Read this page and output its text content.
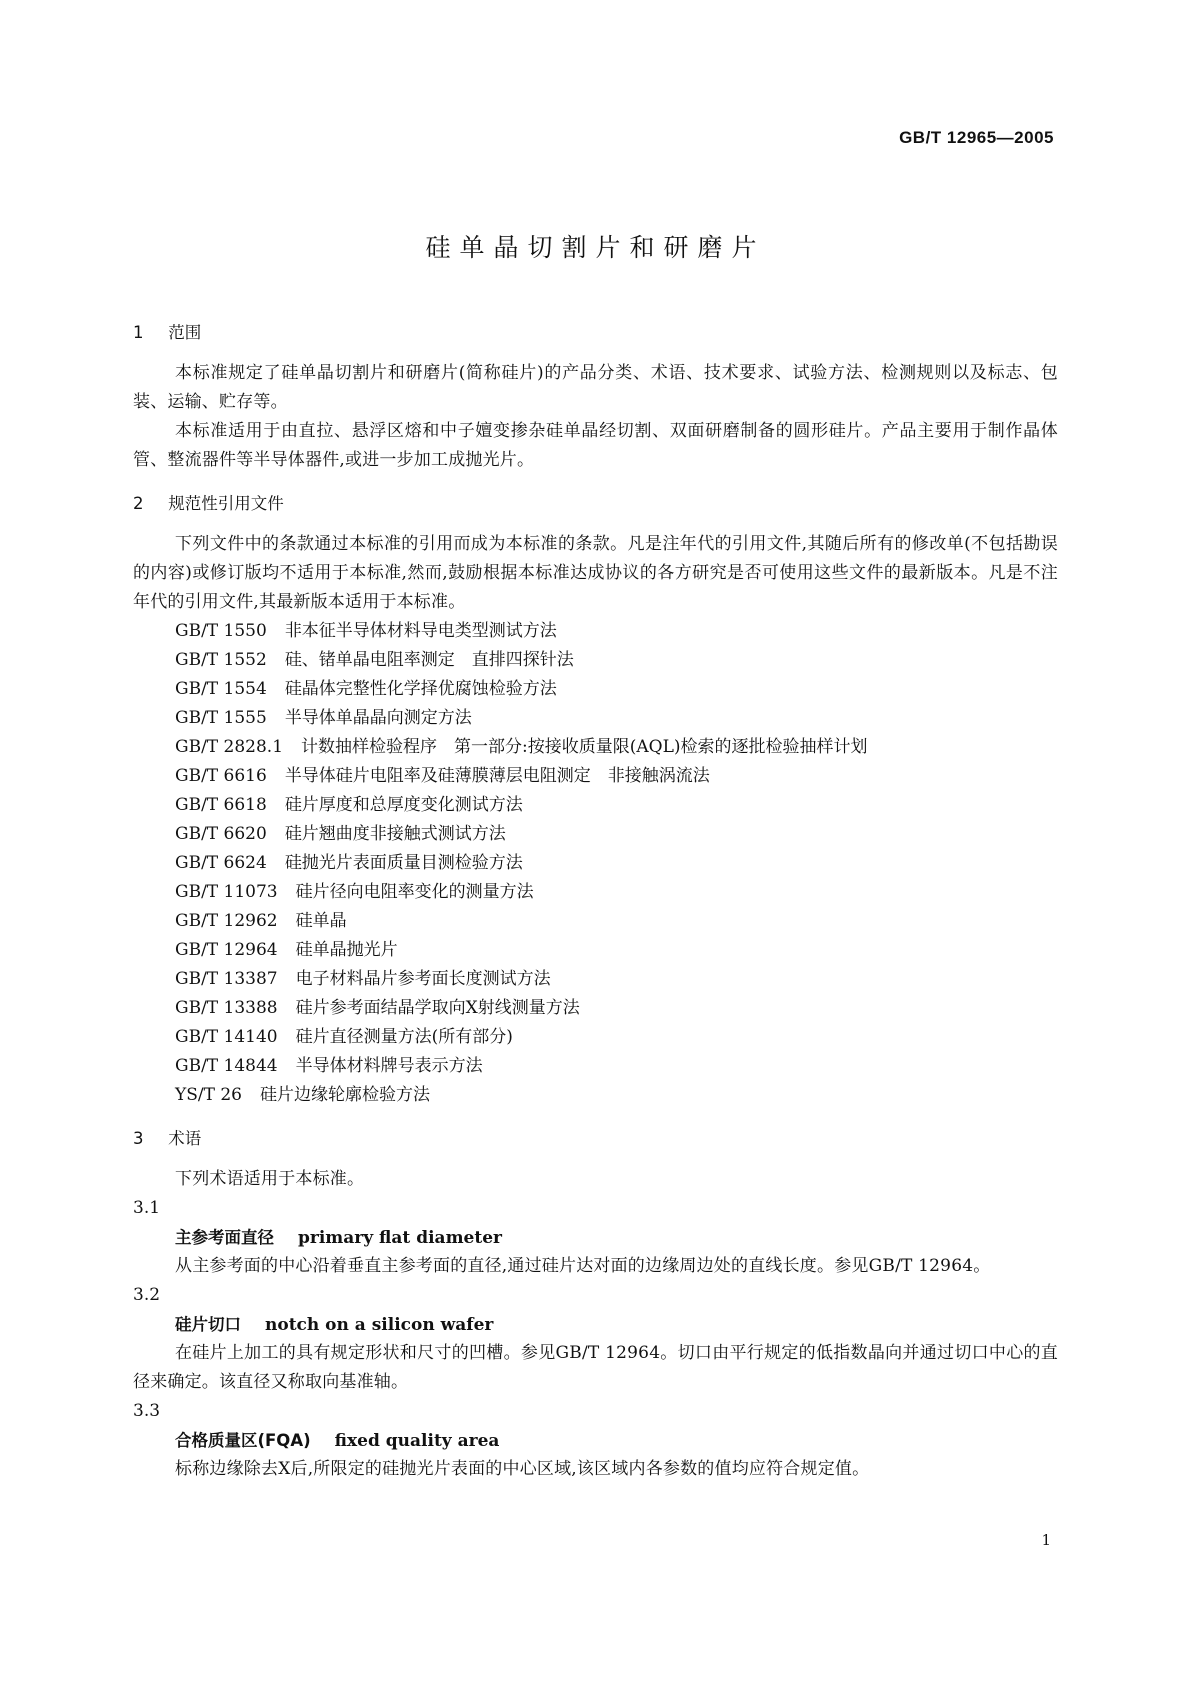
GB/T 12965—2005
硅单晶切割片和研磨片
1 范围

本标准规定了硅单晶切割片和研磨片(简称硅片)的产品分类、术语、技术要求、试验方法、检测规则以及标志、包装、运输、贮存等。

本标准适用于由直拉、悬浮区熔和中子嬗变掺杂硅单晶经切割、双面研磨制备的圆形硅片。产品主要用于制作晶体管、整流器件等半导体器件,或进一步加工成抛光片。

2 规范性引用文件

下列文件中的条款通过本标准的引用而成为本标准的条款。凡是注年代的引用文件,其随后所有的修改单(不包括勘误的内容)或修订版均不适用于本标准,然而,鼓励根据本标准达成协议的各方研究是否可使用这些文件的最新版本。凡是不注年代的引用文件,其最新版本适用于本标准。

GB/T 1550 非本征半导体材料导电类型测试方法
GB/T 1552 硅、锗单晶电阻率测定　直排四探针法
GB/T 1554 硅晶体完整性化学择优腐蚀检验方法
GB/T 1555 半导体单晶晶向测定方法
GB/T 2828.1 计数抽样检验程序　第一部分:按接收质量限(AQL)检索的逐批检验抽样计划
GB/T 6616 半导体硅片电阻率及硅薄膜薄层电阻测定　非接触涡流法
GB/T 6618 硅片厚度和总厚度变化测试方法
GB/T 6620 硅片翘曲度非接触式测试方法
GB/T 6624 硅抛光片表面质量目测检验方法
GB/T 11073 硅片径向电阻率变化的测量方法
GB/T 12962 硅单晶
GB/T 12964 硅单晶抛光片
GB/T 13387 电子材料晶片参考面长度测试方法
GB/T 13388 硅片参考面结晶学取向X射线测量方法
GB/T 14140 硅片直径测量方法(所有部分)
GB/T 14844 半导体材料牌号表示方法
YS/T 26 硅片边缘轮廓检验方法
3 术语

下列术语适用于本标准。

3.1

主参考面直径 primary flat diameter

从主参考面的中心沿着垂直主参考面的直径,通过硅片达对面的边缘周边处的直线长度。参见GB/T 12964。

3.2

硅片切口 notch on a silicon wafer

在硅片上加工的具有规定形状和尺寸的凹槽。参见GB/T 12964。切口由平行规定的低指数晶向并通过切口中心的直径来确定。该直径又称取向基准轴。

3.3

合格质量区(FQA) fixed quality area

标称边缘除去X后,所限定的硅抛光片表面的中心区域,该区域内各参数的值均应符合规定值。

1
